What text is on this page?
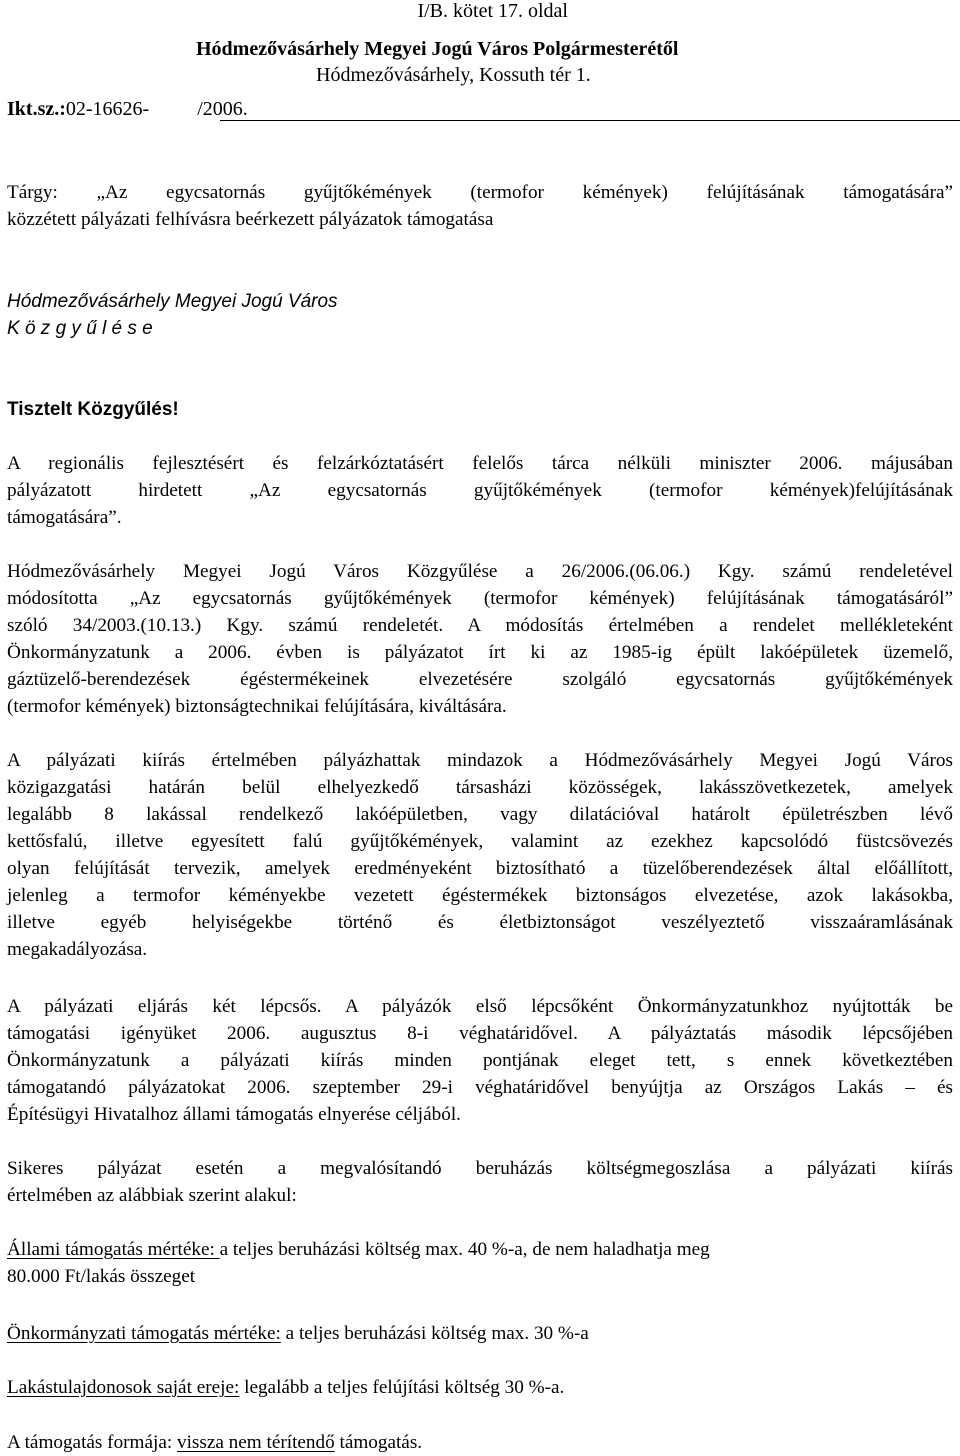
I/B. kötet 17. oldal
Hódmezővásárhely Megyei Jogú Város Polgármesterétől
Hódmezővásárhely, Kossuth tér 1.
Ikt.sz.:02-16626- /2006.
Tárgy: „Az egycsatornás gyűjtőkémények (termofor kémények) felújításának támogatására”
közzétett pályázati felhívásra beérkezett pályázatok támogatása
Hódmezővásárhely Megyei Jogú Város
K ö z g y ű l é s e
Tisztelt Közgyűlés!
A regionális fejlesztésért és felzárkóztatásért felelős tárca nélküli miniszter 2006. májusában
pályázatott hirdetett „Az egycsatornás gyűjtőkémények (termofor kémények)felújításának
támogatására”.
Hódmezővásárhely Megyei Jogú Város Közgyűlése a 26/2006.(06.06.) Kgy. számú rendeletével
módosította „Az egycsatornás gyűjtőkémények (termofor kémények) felújításának támogatásáról”
szóló 34/2003.(10.13.) Kgy. számú rendeletét. A módosítás értelmében a rendelet mellékleteként
Önkormányzatunk a 2006. évben is pályázatot írt ki az 1985-ig épült lakóépületek üzemelő,
gáztüzelő-berendezések égéstermékeinek elvezetésére szolgáló egycsatornás gyűjtőkémények
(termofor kémények) biztonságtechnikai felújítására, kiváltására.
A pályázati kiírás értelmében pályázhattak mindazok a Hódmezővásárhely Megyei Jogú Város
közigazgatási határán belül elhelyezkedő társasházi közösségek, lakásszövetkezetek, amelyek
legalább 8 lakással rendelkező lakóépületben, vagy dilatációval határolt épületrészben lévő
kettősfalú, illetve egyesített falú gyűjtőkémények, valamint az ezekhez kapcsolódó füstcsövezés
olyan felújítását tervezik, amelyek eredményeként biztosítható a tüzelőberendezések által előállított,
jelenleg a termofor kéményekbe vezetett égéstermékek biztonságos elvezetése, azok lakásokba,
illetve egyéb helyiségekbe történő és életbiztonságot veszélyeztető visszaáramlásának
megakadályozása.
A pályázati eljárás két lépcsős. A pályázók első lépcsőként Önkormányzatunkhoz nyújtották be
támogatási igényüket 2006. augusztus 8-i véghatáridővel. A pályáztatás második lépcsőjében
Önkormányzatunk a pályázati kiírás minden pontjának eleget tett, s ennek következtében
támogatandó pályázatokat 2006. szeptember 29-i véghatáridővel benyújtja az Országos Lakás – és
Építésügyi Hivatalhoz állami támogatás elnyerése céljából.
Sikeres pályázat esetén a megvalósítandó beruházás költségmegoszlása a pályázati kiírás
értelmében az alábbiak szerint alakul:
Állami támogatás mértéke: a teljes beruházási költség max. 40 %-a, de nem haladhatja meg
80.000 Ft/lakás összeget
Önkormányzati támogatás mértéke: a teljes beruházási költség max. 30 %-a
Lakástulajdonosok saját ereje: legalább a teljes felújítási költség 30 %-a.
A támogatás formája: vissza nem térítendő támogatás.
